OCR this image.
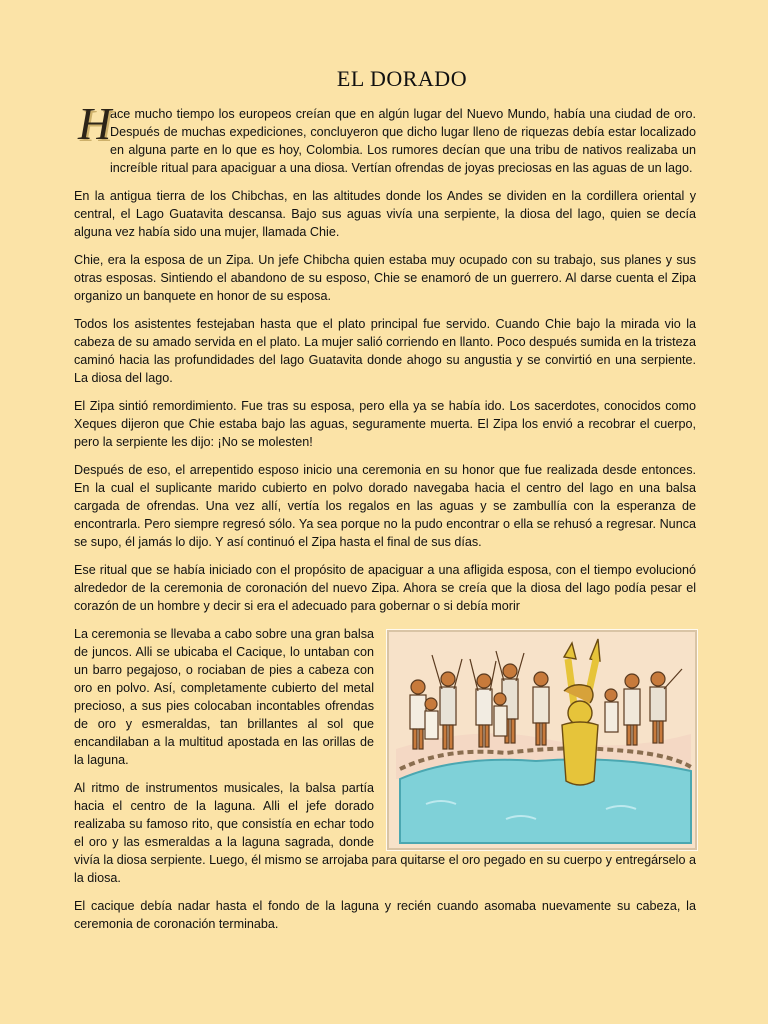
EL DORADO

H
ace mucho tiempo los europeos creían que en algún lugar del Nuevo Mundo, había una ciudad de oro. Después de muchas expediciones, concluyeron que dicho lugar lleno de riquezas debía estar localizado en alguna parte en lo que es hoy, Colombia. Los rumores decían que una tribu de nativos realizaba un increíble ritual para apaciguar a una diosa. Vertían ofrendas de joyas preciosas en las aguas de un lago.

En la antigua tierra de los Chibchas, en las altitudes donde los Andes se dividen en la cordillera oriental y central, el Lago Guatavita descansa. Bajo sus aguas vivía una serpiente, la diosa del lago, quien se decía alguna vez había sido una mujer, llamada Chie.

Chie, era la esposa de un Zipa. Un jefe Chibcha quien estaba muy ocupado con su trabajo, sus planes y sus otras esposas. Sintiendo el abandono de su esposo, Chie se enamoró de un guerrero. Al darse cuenta el Zipa organizo un banquete en honor de su esposa.

Todos los asistentes festejaban hasta que el plato principal fue servido. Cuando Chie bajo la mirada vio la cabeza de su amado servida en el plato. La mujer salió corriendo en llanto. Poco después sumida en la tristeza caminó hacia las profundidades del lago Guatavita donde ahogo su angustia y se convirtió en una serpiente. La diosa del lago.

El Zipa sintió remordimiento. Fue tras su esposa, pero ella ya se había ido. Los sacerdotes, conocidos como Xeques dijeron que Chie estaba bajo las aguas, seguramente muerta. El Zipa los envió a recobrar el cuerpo, pero la serpiente les dijo: ¡No se molesten!

Después de eso, el arrepentido esposo inicio una ceremonia en su honor que fue realizada desde entonces. En la cual el suplicante marido cubierto en polvo dorado navegaba hacia el centro del lago en una balsa cargada de ofrendas. Una vez allí, vertía los regalos en las aguas y se zambullía con la esperanza de encontrarla. Pero siempre regresó sólo. Ya sea porque no la pudo encontrar o ella se rehusó a regresar. Nunca se supo, él jamás lo dijo. Y así continuó el Zipa hasta el final de sus días.

Ese ritual que se había iniciado con el propósito de apaciguar a una afligida esposa, con el tiempo evolucionó alrededor de la ceremonia de coronación del nuevo Zipa. Ahora se creía que la diosa del lago podía pesar el corazón de un hombre y decir si era el adecuado para gobernar o si debía morir

La ceremonia se llevaba a cabo sobre una gran balsa de juncos. Alli se ubicaba el Cacique, lo untaban con un barro pegajoso, o rociaban de pies a cabeza con oro en polvo. Así, completamente cubierto del metal precioso, a sus pies colocaban incontables ofrendas de oro y esmeraldas, tan brillantes al sol que encandilaban a la multitud apostada en las orillas de la laguna.

Al ritmo de instrumentos musicales, la balsa partía hacia el centro de la laguna. Alli el jefe dorado realizaba su famoso rito, que consistía en echar todo el oro y las esmeraldas a la laguna sagrada, donde vivía la diosa serpiente. Luego, él mismo se arrojaba para quitarse el oro pegado en su cuerpo y entregárselo a la diosa.

El cacique debía nadar hasta el fondo de la laguna y recién cuando asomaba nuevamente su cabeza, la ceremonia de coronación terminaba.
